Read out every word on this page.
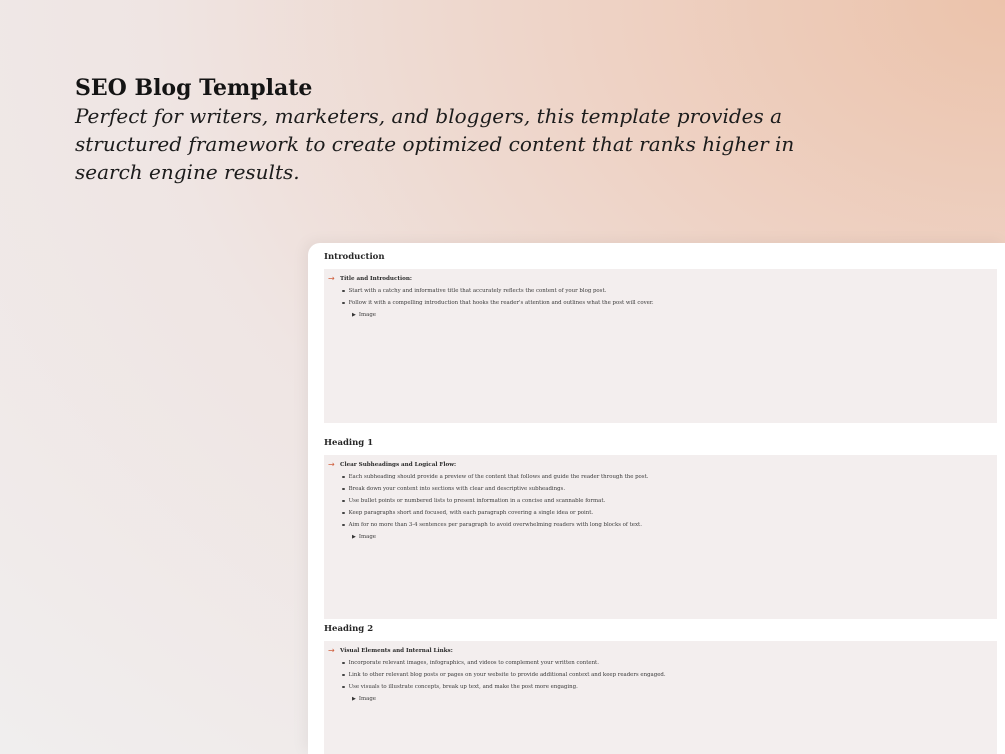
SEO Blog Template

Perfect for writers, marketers, and bloggers, this template provides a
structured framework to create optimized content that ranks higher in
search engine results.

Introduction
→ Title and Introduction:
Start with a catchy and informative title that accurately reflects the content of your blog post.
Follow it with a compelling introduction that hooks the reader's attention and outlines what the post will cover.
▶ Image
Heading 1
→ Clear Subheadings and Logical Flow:
Each subheading should provide a preview of the content that follows and guide the reader through the post.
Break down your content into sections with clear and descriptive subheadings.
Use bullet points or numbered lists to present information in a concise and scannable format.
Keep paragraphs short and focused, with each paragraph covering a single idea or point.
Aim for no more than 3-4 sentences per paragraph to avoid overwhelming readers with long blocks of text.
▶ Image
Heading 2
→ Visual Elements and Internal Links:
Incorporate relevant images, infographics, and videos to complement your written content.
Link to other relevant blog posts or pages on your website to provide additional context and keep readers engaged.
Use visuals to illustrate concepts, break up text, and make the post more engaging.
▶ Image
